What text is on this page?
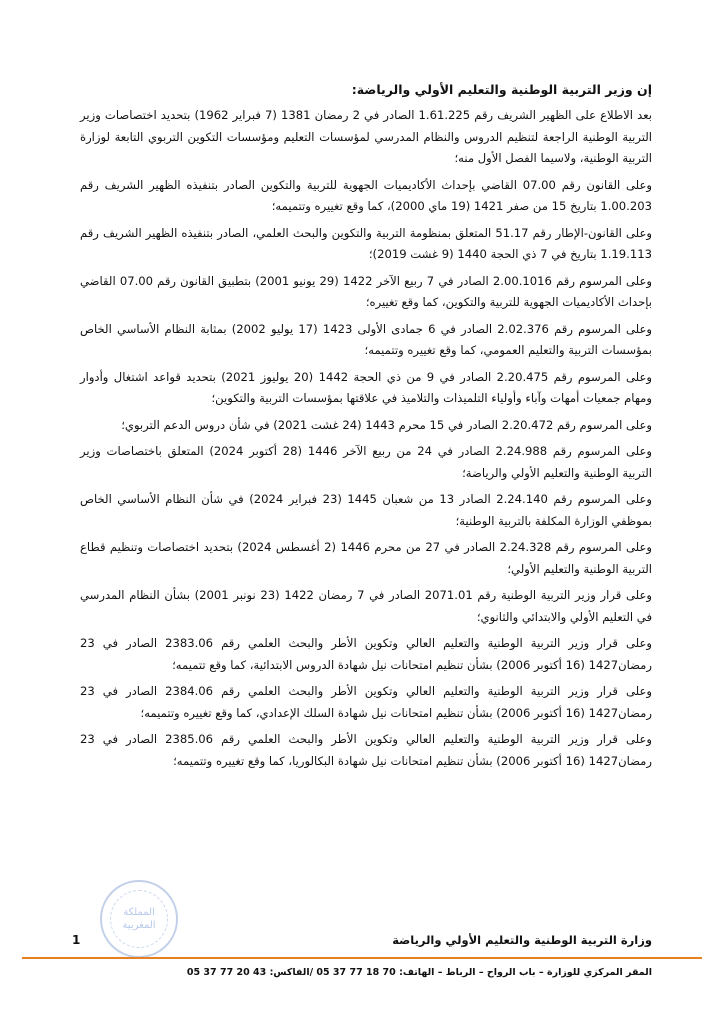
إن وزير التربية الوطنية والتعليم الأولي والرياضة:

بعد الاطلاع على الظهير الشريف رقم 1.61.225 الصادر في 2 رمضان 1381 (7 فبراير 1962) بتحديد اختصاصات وزير التربية الوطنية الراجعة لتنظيم الدروس والنظام المدرسي لمؤسسات التعليم ومؤسسات التكوين التربوي التابعة لوزارة التربية الوطنية، ولاسيما الفصل الأول منه؛

وعلى القانون رقم 07.00 القاضي بإحداث الأكاديميات الجهوية للتربية والتكوين الصادر بتنفيذه الظهير الشريف رقم 1.00.203 بتاريخ 15 من صفر 1421 (19 ماي 2000)، كما وقع تغييره وتتميمه؛

وعلى القانون-الإطار رقم 51.17 المتعلق بمنظومة التربية والتكوين والبحث العلمي، الصادر بتنفيذه الظهير الشريف رقم 1.19.113 بتاريخ في 7 ذي الحجة 1440 (9 غشت 2019)؛

وعلى المرسوم رقم 2.00.1016 الصادر في 7 ربيع الآخر 1422 (29 يونيو 2001) بتطبيق القانون رقم 07.00 القاضي بإحداث الأكاديميات الجهوية للتربية والتكوين، كما وقع تغييره؛

وعلى المرسوم رقم 2.02.376 الصادر في 6 جمادى الأولى 1423 (17 يوليو 2002) بمثابة النظام الأساسي الخاص بمؤسسات التربية والتعليم العمومي، كما وقع تغييره وتتميمه؛

وعلى المرسوم رقم 2.20.475 الصادر في 9 من ذي الحجة 1442 (20 يوليوز 2021) بتحديد قواعد اشتغال وأدوار ومهام جمعيات أمهات وآباء وأولياء التلميذات والتلاميذ في علاقتها بمؤسسات التربية والتكوين؛

وعلى المرسوم رقم 2.20.472 الصادر في 15 محرم 1443 (24 غشت 2021) في شأن دروس الدعم التربوي؛

وعلى المرسوم رقم 2.24.988 الصادر في 24 من ربيع الآخر 1446 (28 أكتوبر 2024) المتعلق باختصاصات وزير التربية الوطنية والتعليم الأولي والرياضة؛

وعلى المرسوم رقم 2.24.140 الصادر 13 من شعبان 1445 (23 فبراير 2024) في شأن النظام الأساسي الخاص بموظفي الوزارة المكلفة بالتربية الوطنية؛

وعلى المرسوم رقم 2.24.328 الصادر في 27 من محرم 1446 (2 أغسطس 2024) بتحديد اختصاصات وتنظيم قطاع التربية الوطنية والتعليم الأولي؛

وعلى قرار وزير التربية الوطنية رقم 2071.01 الصادر في 7 رمضان 1422 (23 نونبر 2001) بشأن النظام المدرسي في التعليم الأولي والابتدائي والثانوي؛

وعلى قرار وزير التربية الوطنية والتعليم العالي وتكوين الأطر والبحث العلمي رقم 2383.06 الصادر في 23 رمضان1427 (16 أكتوبر 2006) بشأن تنظيم امتحانات نيل شهادة الدروس الابتدائية، كما وقع تتميمه؛

وعلى قرار وزير التربية الوطنية والتعليم العالي وتكوين الأطر والبحث العلمي رقم 2384.06 الصادر في 23 رمضان1427 (16 أكتوبر 2006) بشأن تنظيم امتحانات نيل شهادة السلك الإعدادي، كما وقع تغييره وتتميمه؛

وعلى قرار وزير التربية الوطنية والتعليم العالي وتكوين الأطر والبحث العلمي رقم 2385.06 الصادر في 23 رمضان1427 (16 أكتوبر 2006) بشأن تنظيم امتحانات نيل شهادة البكالوريا، كما وقع تغييره وتتميمه؛

المملكة
المغربية
1	وزارة التربية الوطنية والتعليم الأولي والرياضة
المقر المركزي للوزارة – باب الرواح – الرباط – الهاتف: 70 18 77 37 05 /الفاكس: 43 20 77 37 05
